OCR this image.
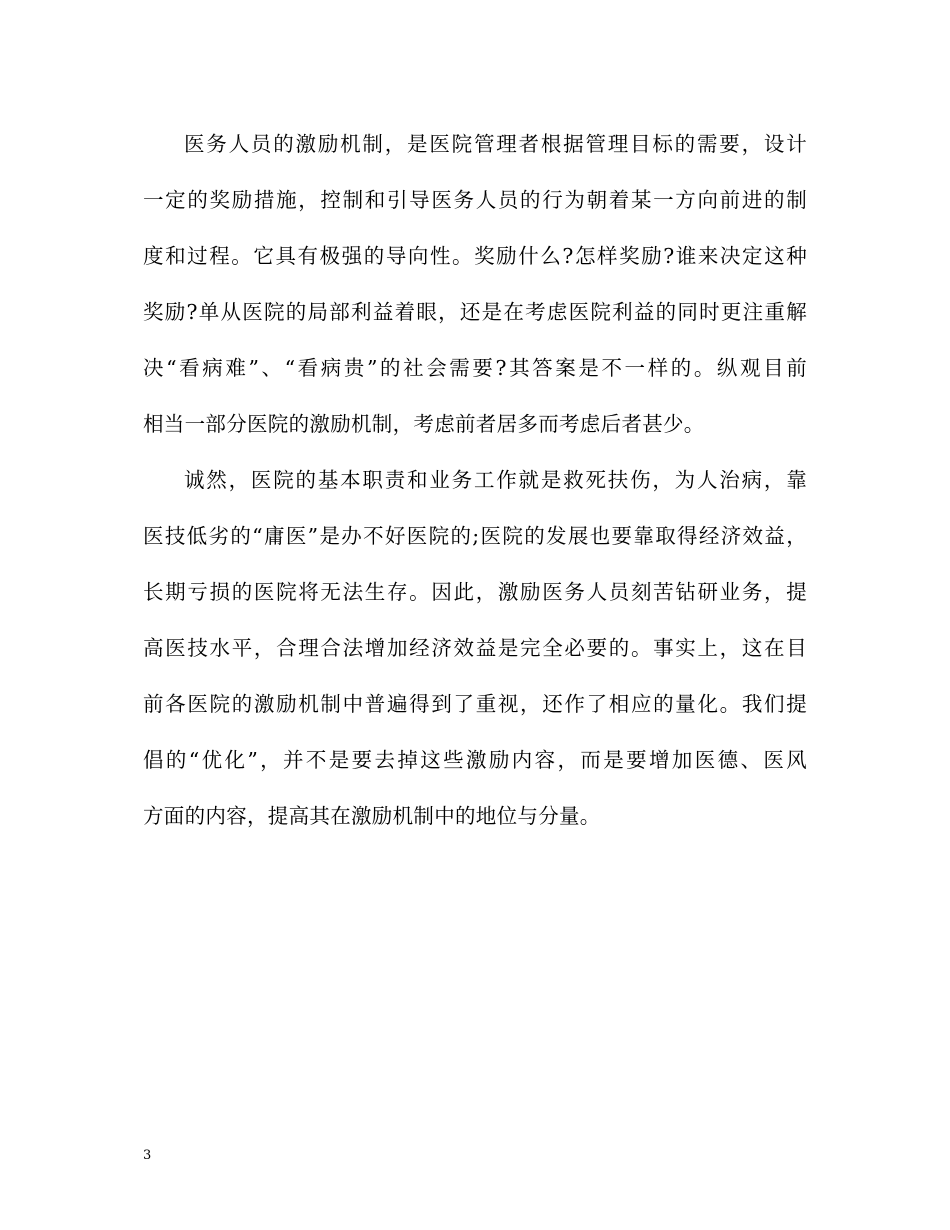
医务人员的激励机制，是医院管理者根据管理目标的需要，设计
一定的奖励措施，控制和引导医务人员的行为朝着某一方向前进的制
度和过程。它具有极强的导向性。奖励什么?怎样奖励?谁来决定这种
奖励?单从医院的局部利益着眼，还是在考虑医院利益的同时更注重解
决“看病难”、“看病贵”的社会需要?其答案是不一样的。纵观目前
相当一部分医院的激励机制，考虑前者居多而考虑后者甚少。
诚然，医院的基本职责和业务工作就是救死扶伤，为人治病，靠
医技低劣的“庸医”是办不好医院的;医院的发展也要靠取得经济效益，
长期亏损的医院将无法生存。因此，激励医务人员刻苦钻研业务，提
高医技水平，合理合法增加经济效益是完全必要的。事实上，这在目
前各医院的激励机制中普遍得到了重视，还作了相应的量化。我们提
倡的“优化”，并不是要去掉这些激励内容，而是要增加医德、医风
方面的内容，提高其在激励机制中的地位与分量。
3
